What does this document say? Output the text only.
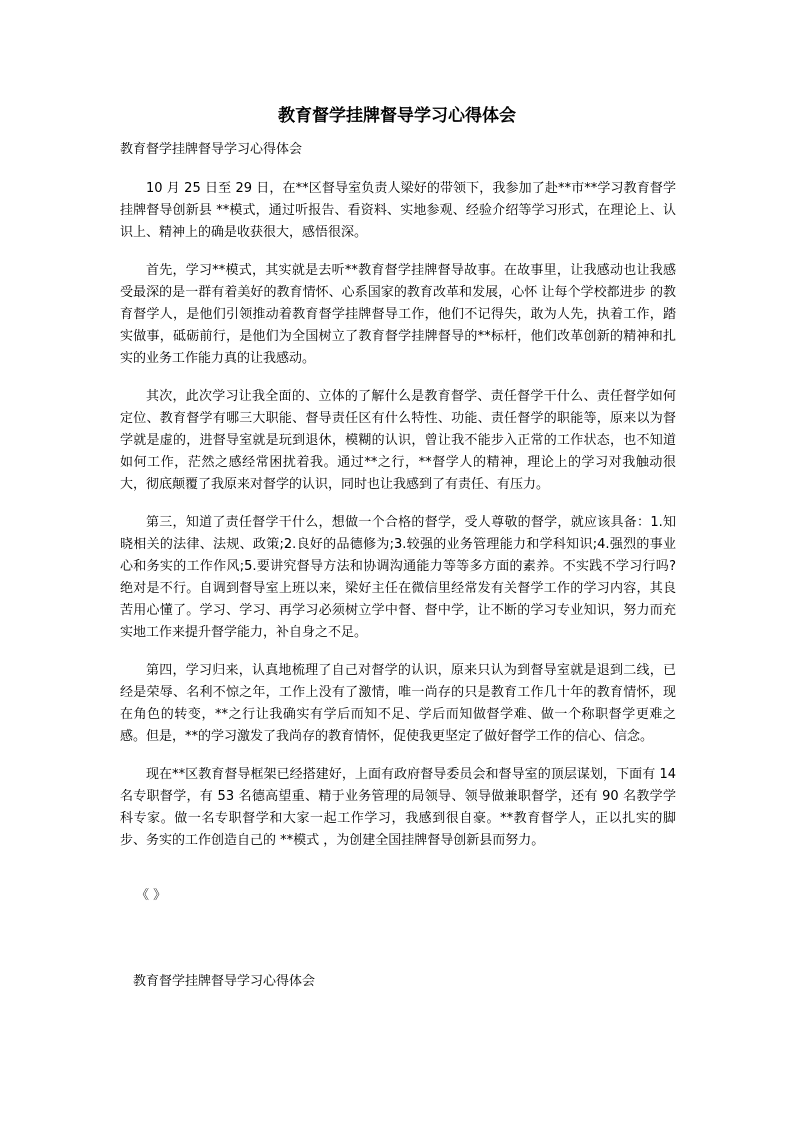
教育督学挂牌督导学习心得体会

教育督学挂牌督导学习心得体会

10 月 25 日至 29 日，在**区督导室负责人梁好的带领下，我参加了赴**市**学习教育督学挂牌督导创新县 **模式，通过听报告、看资料、实地参观、经验介绍等学习形式，在理论上、认识上、精神上的确是收获很大，感悟很深。

首先，学习**模式，其实就是去听**教育督学挂牌督导故事。在故事里，让我感动也让我感受最深的是一群有着美好的教育情怀、心系国家的教育改革和发展，心怀 让每个学校都进步 的教育督学人，是他们引领推动着教育督学挂牌督导工作，他们不记得失，敢为人先，执着工作，踏实做事，砥砺前行，是他们为全国树立了教育督学挂牌督导的**标杆，他们改革创新的精神和扎实的业务工作能力真的让我感动。

其次，此次学习让我全面的、立体的了解什么是教育督学、责任督学干什么、责任督学如何定位、教育督学有哪三大职能、督导责任区有什么特性、功能、责任督学的职能等，原来以为督学就是虚的，进督导室就是玩到退休，模糊的认识，曾让我不能步入正常的工作状态，也不知道如何工作，茫然之感经常困扰着我。通过**之行，**督学人的精神，理论上的学习对我触动很大，彻底颠覆了我原来对督学的认识，同时也让我感到了有责任、有压力。

第三，知道了责任督学干什么，想做一个合格的督学，受人尊敬的督学，就应该具备：1.知晓相关的法律、法规、政策;2.良好的品德修为;3.较强的业务管理能力和学科知识;4.强烈的事业心和务实的工作作风;5.要讲究督导方法和协调沟通能力等等多方面的素养。不实践不学习行吗?绝对是不行。自调到督导室上班以来，梁好主任在微信里经常发有关督学工作的学习内容，其良苦用心懂了。学习、学习、再学习必须树立学中督、督中学，让不断的学习专业知识，努力而充实地工作来提升督学能力，补自身之不足。

第四，学习归来，认真地梳理了自己对督学的认识，原来只认为到督导室就是退到二线，已经是荣辱、名利不惊之年，工作上没有了激情，唯一尚存的只是教育工作几十年的教育情怀，现在角色的转变，**之行让我确实有学后而知不足、学后而知做督学难、做一个称职督学更难之感。但是，**的学习激发了我尚存的教育情怀，促使我更坚定了做好督学工作的信心、信念。

现在**区教育督导框架已经搭建好，上面有政府督导委员会和督导室的顶层谋划，下面有 14 名专职督学，有 53 名德高望重、精于业务管理的局领导、领导做兼职督学，还有 90 名教学学科专家。做一名专职督学和大家一起工作学习，我感到很自豪。**教育督学人，正以扎实的脚步、务实的工作创造自己的 **模式 ，为创建全国挂牌督导创新县而努力。

《 》
教育督学挂牌督导学习心得体会
